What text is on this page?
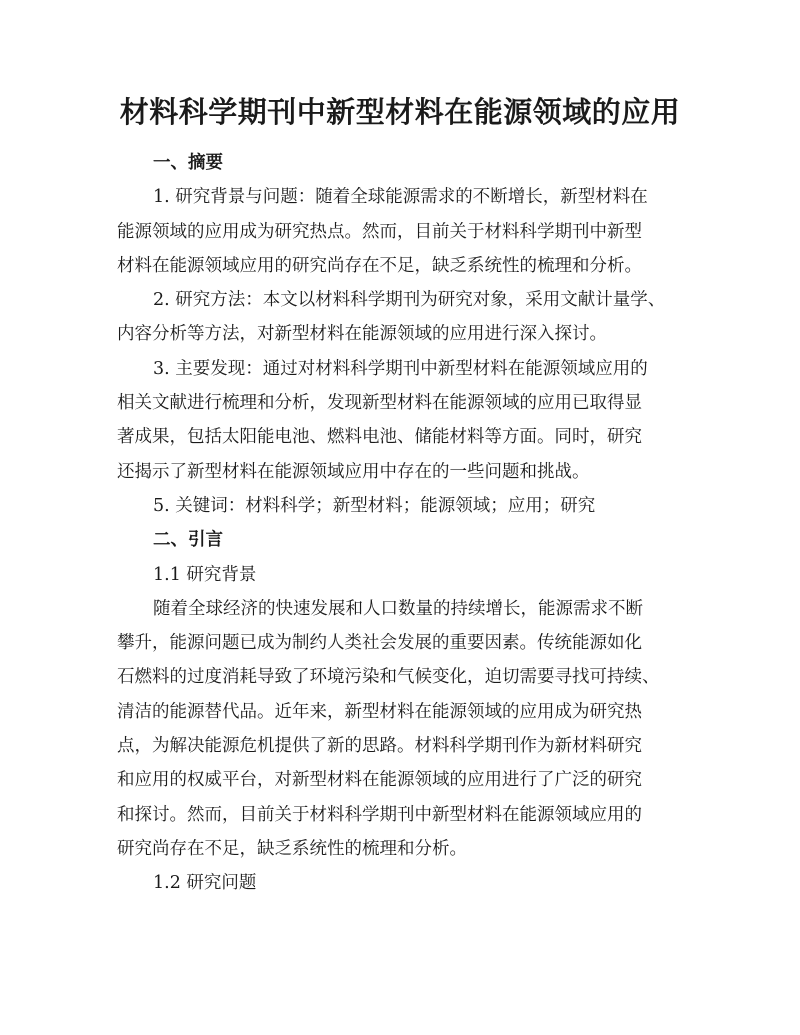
材料科学期刊中新型材料在能源领域的应用
一、摘要
1. 研究背景与问题：随着全球能源需求的不断增长，新型材料在
能源领域的应用成为研究热点。然而，目前关于材料科学期刊中新型
材料在能源领域应用的研究尚存在不足，缺乏系统性的梳理和分析。
2. 研究方法：本文以材料科学期刊为研究对象，采用文献计量学、
内容分析等方法，对新型材料在能源领域的应用进行深入探讨。
3. 主要发现：通过对材料科学期刊中新型材料在能源领域应用的
相关文献进行梳理和分析，发现新型材料在能源领域的应用已取得显
著成果，包括太阳能电池、燃料电池、储能材料等方面。同时，研究
还揭示了新型材料在能源领域应用中存在的一些问题和挑战。
5. 关键词：材料科学；新型材料；能源领域；应用；研究
二、引言
1.1 研究背景
随着全球经济的快速发展和人口数量的持续增长，能源需求不断
攀升，能源问题已成为制约人类社会发展的重要因素。传统能源如化
石燃料的过度消耗导致了环境污染和气候变化，迫切需要寻找可持续、
清洁的能源替代品。近年来，新型材料在能源领域的应用成为研究热
点，为解决能源危机提供了新的思路。材料科学期刊作为新材料研究
和应用的权威平台，对新型材料在能源领域的应用进行了广泛的研究
和探讨。然而，目前关于材料科学期刊中新型材料在能源领域应用的
研究尚存在不足，缺乏系统性的梳理和分析。
1.2 研究问题
